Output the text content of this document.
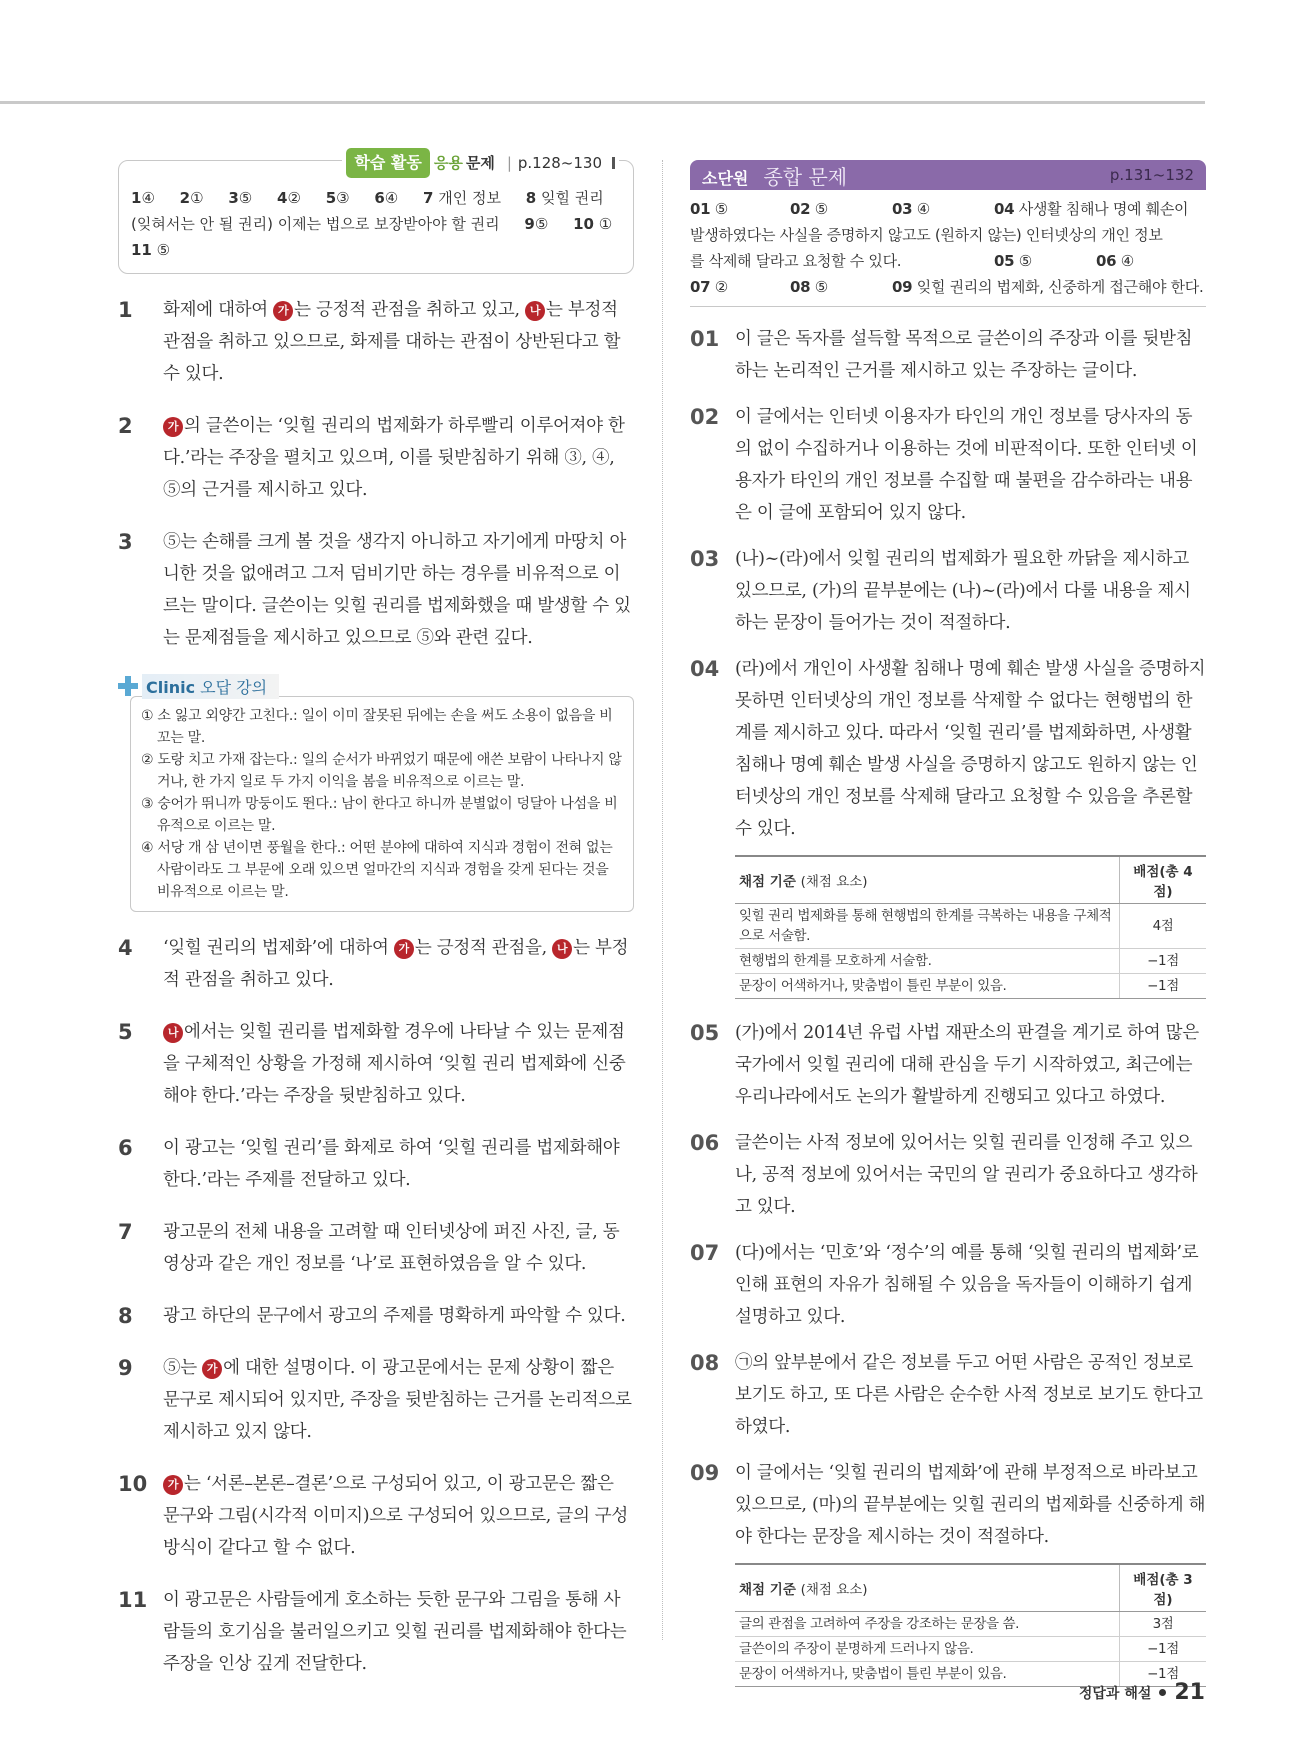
학습 활동 응용 문제 | p.128~130
1④ 2① 3⑤ 4② 5③ 6④ 7 개인 정보 8 잊힐 권리
(잊혀서는 안 될 권리) 이제는 법으로 보장받아야 할 권리 9⑤ 10 ①
11 ⑤
1	화제에 대하여 가 는 긍정적 관점을 취하고 있고, 나 는 부정적 관점을 취하고 있으므로, 화제를 대하는 관점이 상반된다고 할 수 있다.
2	가 의 글쓴이는 ‘잊힐 권리의 법제화가 하루빨리 이루어져야 한다.’라는 주장을 펼치고 있으며, 이를 뒷받침하기 위해 ③, ④, ⑤의 근거를 제시하고 있다.
3	⑤는 손해를 크게 볼 것을 생각지 아니하고 자기에게 마땅치 아니한 것을 없애려고 그저 덤비기만 하는 경우를 비유적으로 이르는 말이다. 글쓴이는 잊힐 권리를 법제화했을 때 발생할 수 있는 문제점들을 제시하고 있으므로 ⑤와 관련 깊다.
Clinic 오답 강의
① 소 잃고 외양간 고친다.: 일이 이미 잘못된 뒤에는 손을 써도 소용이 없음을 비꼬는 말.
② 도랑 치고 가재 잡는다.: 일의 순서가 바뀌었기 때문에 애쓴 보람이 나타나지 않거나, 한 가지 일로 두 가지 이익을 봄을 비유적으로 이르는 말.
③ 숭어가 뛰니까 망둥이도 뛴다.: 남이 한다고 하니까 분별없이 덩달아 나섬을 비유적으로 이르는 말.
④ 서당 개 삼 년이면 풍월을 한다.: 어떤 분야에 대하여 지식과 경험이 전혀 없는 사람이라도 그 부문에 오래 있으면 얼마간의 지식과 경험을 갖게 된다는 것을 비유적으로 이르는 말.
4	‘잊힐 권리의 법제화’에 대하여 가 는 긍정적 관점을, 나 는 부정적 관점을 취하고 있다.
5	나 에서는 잊힐 권리를 법제화할 경우에 나타날 수 있는 문제점을 구체적인 상황을 가정해 제시하여 ‘잊힐 권리 법제화에 신중해야 한다.’라는 주장을 뒷받침하고 있다.
6	이 광고는 ‘잊힐 권리’를 화제로 하여 ‘잊힐 권리를 법제화해야 한다.’라는 주제를 전달하고 있다.
7	광고문의 전체 내용을 고려할 때 인터넷상에 퍼진 사진, 글, 동영상과 같은 개인 정보를 ‘나’로 표현하였음을 알 수 있다.
8	광고 하단의 문구에서 광고의 주제를 명확하게 파악할 수 있다.
9	⑤는 가 에 대한 설명이다. 이 광고문에서는 문제 상황이 짧은 문구로 제시되어 있지만, 주장을 뒷받침하는 근거를 논리적으로 제시하고 있지 않다.
10	가 는 ‘서론–본론–결론’으로 구성되어 있고, 이 광고문은 짧은 문구와 그림(시각적 이미지)으로 구성되어 있으므로, 글의 구성 방식이 같다고 할 수 없다.
11 이 광고문은 사람들에게 호소하는 듯한 문구와 그림을 통해 사람들의 호기심을 불러일으키고 잊힐 권리를 법제화해야 한다는 주장을 인상 깊게 전달한다.
소단원 종합 문제	p.131~132
01 ⑤	02 ⑤	03 ④	04 사생활 침해나 명예 훼손이
발생하였다는 사실을 증명하지 않고도 (원하지 않는) 인터넷상의 개인 정보
를 삭제해 달라고 요청할 수 있다.	05 ⑤	06 ④
07 ②	08 ⑤	09 잊힐 권리의 법제화, 신중하게 접근해야 한다.
01 이 글은 독자를 설득할 목적으로 글쓴이의 주장과 이를 뒷받침하는 논리적인 근거를 제시하고 있는 주장하는 글이다.
02 이 글에서는 인터넷 이용자가 타인의 개인 정보를 당사자의 동의 없이 수집하거나 이용하는 것에 비판적이다. 또한 인터넷 이용자가 타인의 개인 정보를 수집할 때 불편을 감수하라는 내용은 이 글에 포함되어 있지 않다.
03 (나)~(라)에서 잊힐 권리의 법제화가 필요한 까닭을 제시하고 있으므로, (가)의 끝부분에는 (나)~(라)에서 다룰 내용을 제시하는 문장이 들어가는 것이 적절하다.
04 (라)에서 개인이 사생활 침해나 명예 훼손 발생 사실을 증명하지 못하면 인터넷상의 개인 정보를 삭제할 수 없다는 현행법의 한계를 제시하고 있다. 따라서 ‘잊힐 권리’를 법제화하면, 사생활 침해나 명예 훼손 발생 사실을 증명하지 않고도 원하지 않는 인터넷상의 개인 정보를 삭제해 달라고 요청할 수 있음을 추론할 수 있다.
채점 기준 (채점 요소)	배점(총 4점)
잊힐 권리 법제화를 통해 현행법의 한계를 극복하는 내용을 구체적으로 서술함.	4점
현행법의 한계를 모호하게 서술함.	−1점
문장이 어색하거나, 맞춤법이 틀린 부분이 있음.	−1점
05 (가)에서 2014년 유럽 사법 재판소의 판결을 계기로 하여 많은 국가에서 잊힐 권리에 대해 관심을 두기 시작하였고, 최근에는 우리나라에서도 논의가 활발하게 진행되고 있다고 하였다.
06 글쓴이는 사적 정보에 있어서는 잊힐 권리를 인정해 주고 있으나, 공적 정보에 있어서는 국민의 알 권리가 중요하다고 생각하고 있다.
07 (다)에서는 ‘민호’와 ‘정수’의 예를 통해 ‘잊힐 권리의 법제화’로 인해 표현의 자유가 침해될 수 있음을 독자들이 이해하기 쉽게 설명하고 있다.
08 ㉠의 앞부분에서 같은 정보를 두고 어떤 사람은 공적인 정보로 보기도 하고, 또 다른 사람은 순수한 사적 정보로 보기도 한다고 하였다.
09 이 글에서는 ‘잊힐 권리의 법제화’에 관해 부정적으로 바라보고 있으므로, (마)의 끝부분에는 잊힐 권리의 법제화를 신중하게 해야 한다는 문장을 제시하는 것이 적절하다.
채점 기준 (채점 요소)	배점(총 3점)
글의 관점을 고려하여 주장을 강조하는 문장을 씀.	3점
글쓴이의 주장이 분명하게 드러나지 않음.	−1점
문장이 어색하거나, 맞춤법이 틀린 부분이 있음.	−1점
정답과 해설 21
